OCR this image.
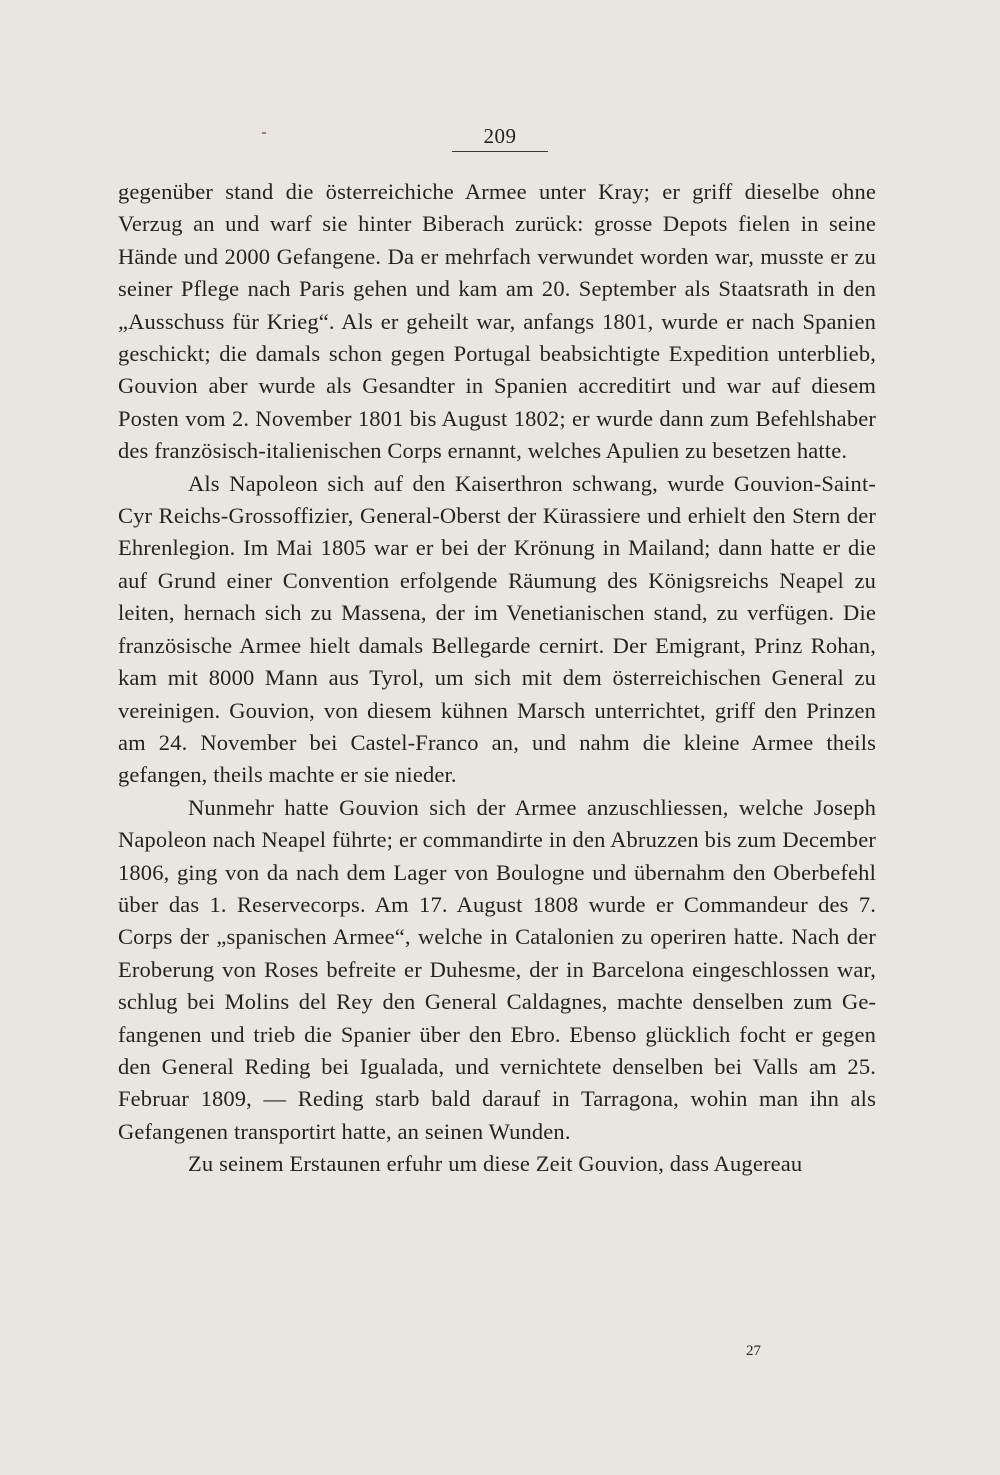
209

gegenüber stand die österreichiche Armee unter Kray; er griff dieselbe ohne Verzug an und warf sie hinter Biberach zurück: grosse Depots fielen in seine Hände und 2000 Gefangene. Da er mehrfach verwundet worden war, musste er zu seiner Pflege nach Paris gehen und kam am 20. September als Staatsrath in den „Ausschuss für Krieg“. Als er geheilt war, anfangs 1801, wurde er nach Spanien geschickt; die damals schon gegen Portugal beabsichtigte Expedition unterblieb, Gouvion aber wurde als Gesandter in Spanien accreditirt und war auf diesem Posten vom 2. November 1801 bis August 1802; er wurde dann zum Befehlshaber des französisch-italienischen Corps ernannt, welches Apulien zu besetzen hatte.

Als Napoleon sich auf den Kaiserthron schwang, wurde Gouvion-Saint-Cyr Reichs-Grossoffizier, General-Oberst der Kürassiere und erhielt den Stern der Ehrenlegion. Im Mai 1805 war er bei der Krönung in Mailand; dann hatte er die auf Grund einer Convention erfolgende Räumung des Königsreichs Neapel zu leiten, hernach sich zu Massena, der im Venetianischen stand, zu verfügen. Die französische Armee hielt damals Bellegarde cernirt. Der Emigrant, Prinz Rohan, kam mit 8000 Mann aus Tyrol, um sich mit dem österreichischen General zu vereinigen. Gouvion, von diesem kühnen Marsch unterrichtet, griff den Prinzen am 24. November bei Castel-Franco an, und nahm die kleine Armee theils gefangen, theils machte er sie nieder.

Nunmehr hatte Gouvion sich der Armee anzuschliessen, welche Joseph Napoleon nach Neapel führte; er commandirte in den Abruzzen bis zum December 1806, ging von da nach dem Lager von Boulogne und übernahm den Oberbefehl über das 1. Reservecorps. Am 17. August 1808 wurde er Commandeur des 7. Corps der „spanischen Armee“, welche in Catalonien zu operiren hatte. Nach der Eroberung von Roses befreite er Duhesme, der in Barcelona eingeschlossen war, schlug bei Molins del Rey den General Caldagnes, machte denselben zum Gefangenen und trieb die Spanier über den Ebro. Ebenso glücklich focht er gegen den General Reding bei Igualada, und vernichtete denselben bei Valls am 25. Februar 1809, — Reding starb bald darauf in Tarragona, wohin man ihn als Gefangenen transportirt hatte, an seinen Wunden.

Zu seinem Erstaunen erfuhr um diese Zeit Gouvion, dass Augereau

27
